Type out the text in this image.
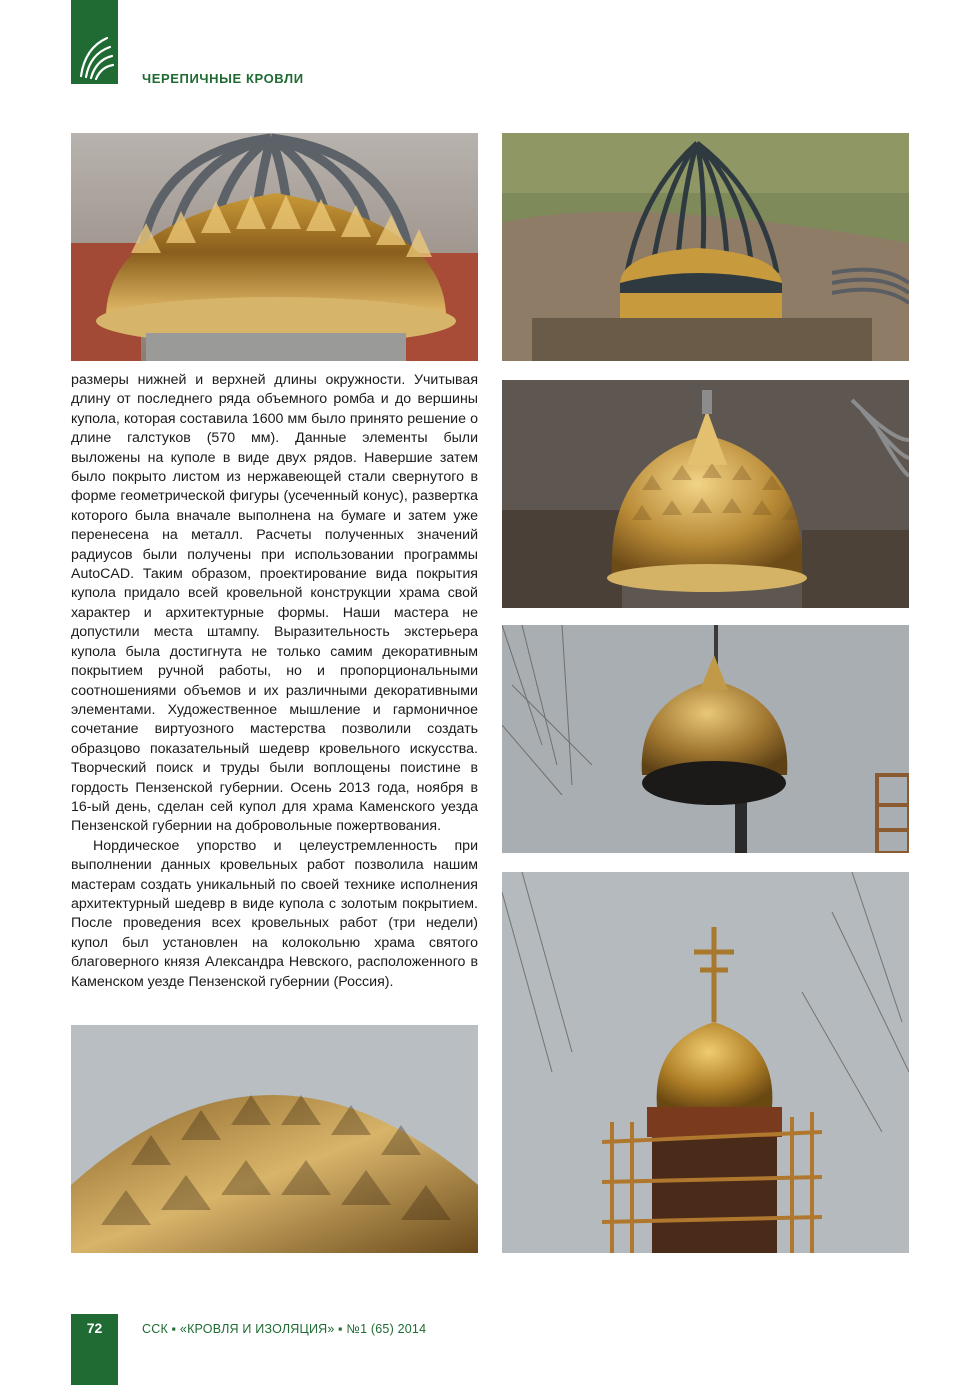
ЧЕРЕПИЧНЫЕ КРОВЛИ

размеры нижней и верхней длины окружности. Учитывая длину от последнего ряда объемного ромба и до вершины купола, которая составила 1600 мм было принято решение о длине галстуков (570 мм). Данные элементы были выложены на куполе в виде двух рядов. Навершие затем было покрыто листом из нержавеющей стали свернутого в форме геометрической фигуры (усеченный конус), развертка которого была вначале выполнена на бумаге и затем уже перенесена на металл. Расчеты полученных значений радиусов были получены при использовании программы AutoCAD. Таким образом, проектирование вида покрытия купола придало всей кровельной конструкции храма свой характер и архитектурные формы. Наши мастера не допустили места штампу. Выразительность экстерьера купола была достигнута не только самим декоративным покрытием ручной работы, но и пропорциональными соотношениями объемов и их различными декоративными элементами. Художественное мышление и гармоничное сочетание виртуозного мастерства позволили создать образцово показательный шедевр кровельного искусства. Творческий поиск и труды были воплощены поистине в гордость Пензенской губернии. Осень 2013 года, ноября в 16-ый день, сделан сей купол для храма Каменского уезда Пензенской губернии на добровольные пожертвования.

Нордическое упорство и целеустремленность при выполнении данных кровельных работ позволила нашим мастерам создать уникальный по своей технике исполнения архитектурный шедевр в виде купола с золотым покрытием. После проведения всех кровельных работ (три недели) купол был установлен на колокольню храма святого благоверного князя Александра Невского, расположенного в Каменском уезде Пензенской губернии (Россия).

72	ССК ▪ «КРОВЛЯ И ИЗОЛЯЦИЯ» ▪ №1 (65) 2014
